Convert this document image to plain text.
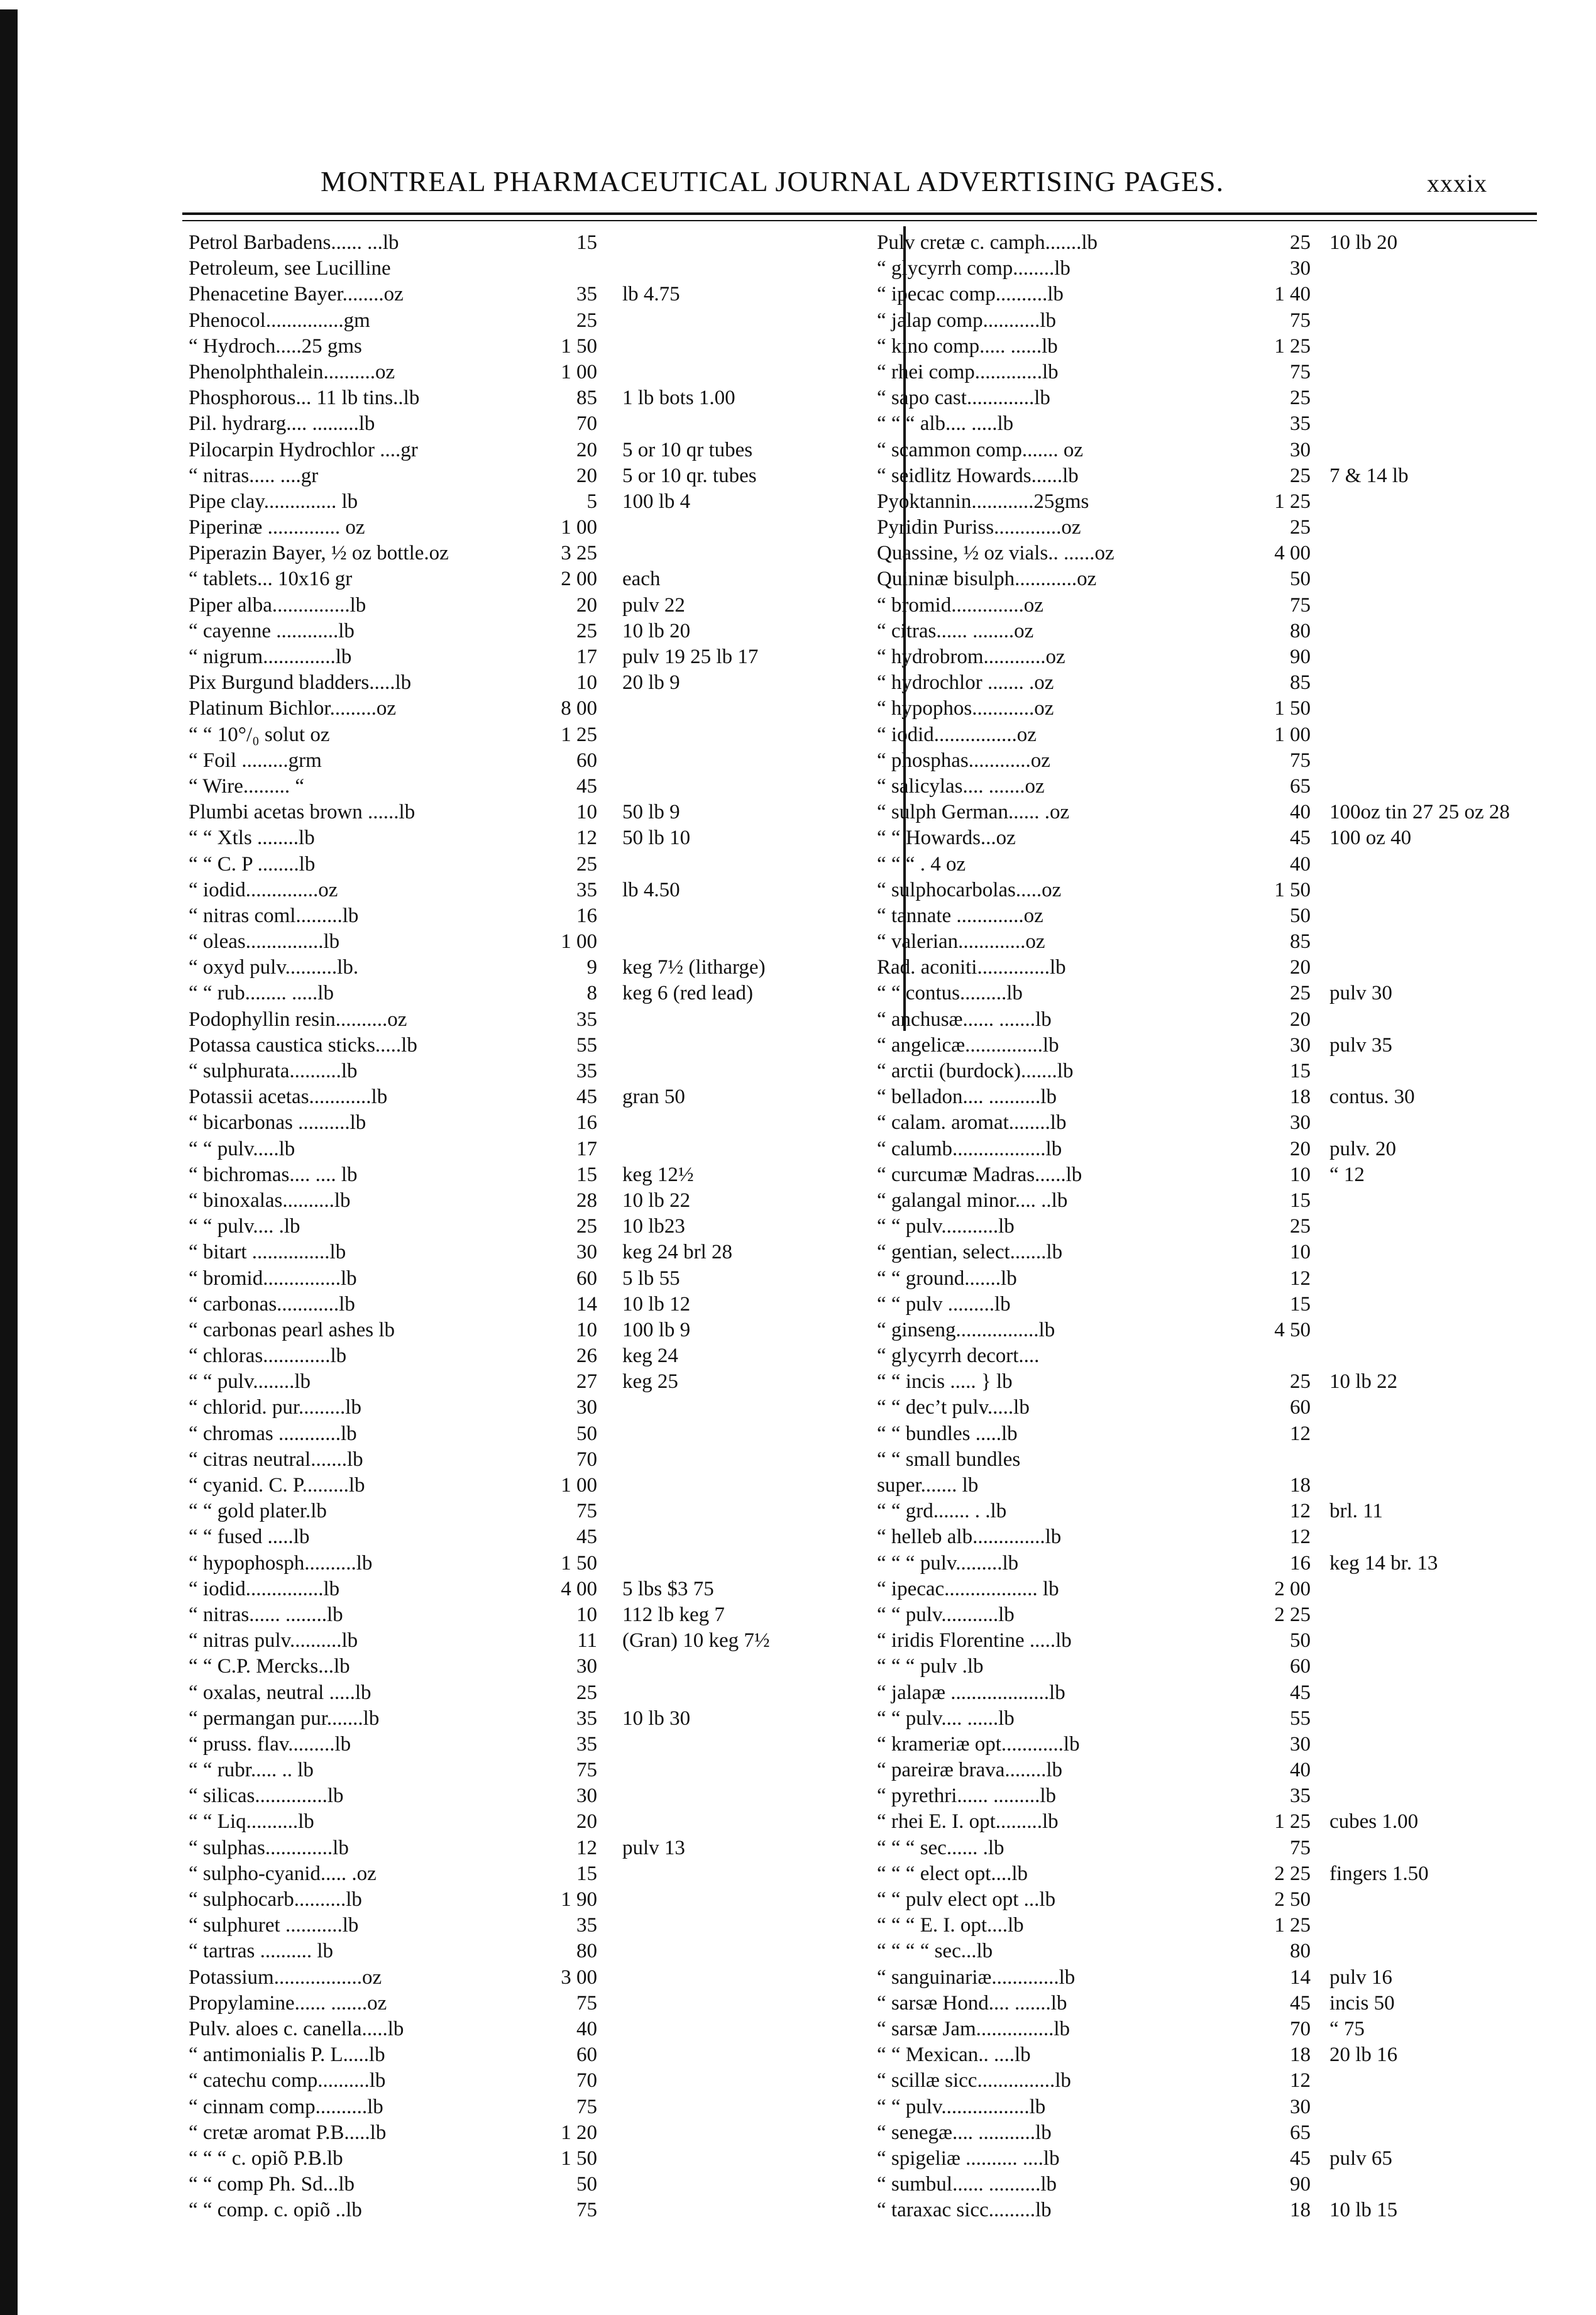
MONTREAL PHARMACEUTICAL JOURNAL ADVERTISING PAGES.	xxxix
Petrol Barbadens...... ...lb	15
Petroleum, see Lucilline
Phenacetine Bayer........oz	35 lb 4.75
Phenocol...............gm	25
“ Hydroch.....25 gms	1 50
Phenolphthalein..........oz	1 00
Phosphorous... 11 lb tins..lb	85 1 lb bots 1.00
Pil. hydrarg.... .........lb	70
Pilocarpin Hydrochlor ....gr	20 5 or 10 qr tubes
“ nitras..... ....gr	20 5 or 10 qr. tubes
Pipe clay.............. lb	5 100 lb 4
Piperinæ .............. oz	1 00
Piperazin Bayer, ½ oz bottle.oz	3 25
“ tablets... 10x16 gr	2 00 each
Piper alba...............lb	20 pulv 22
“ cayenne ............lb	25 10 lb 20
“ nigrum..............lb	17 pulv 19 25 lb 17
Pix Burgund bladders.....lb	10 20 lb 9
Platinum Bichlor.........oz	8 00
“ “ 10°/₀ solut oz	1 25
“ Foil .........grm	60
“ Wire......... “	45
Plumbi acetas brown ......lb	10 50 lb 9
“ “ Xtls ........lb	12 50 lb 10
“ “ C. P ........lb	25
“ iodid..............oz	35 lb 4.50
“ nitras coml.........lb	16
“ oleas...............lb	1 00
“ oxyd pulv..........lb.	9 keg 7½ (litharge)
“ “ rub........ .....lb	8 keg 6 (red lead)
Podophyllin resin..........oz	35
Potassa caustica sticks.....lb	55
“ sulphurata..........lb	35
Potassii acetas............lb	45 gran 50
“ bicarbonas ..........lb	16
“ “ pulv.....lb	17
“ bichromas.... .... lb	15 keg 12½
“ binoxalas..........lb	28 10 lb 22
“ “ pulv.... .lb	25 10 lb23
“ bitart ...............lb	30 keg 24 brl 28
“ bromid...............lb	60 5 lb 55
“ carbonas............lb	14 10 lb 12
“ carbonas pearl ashes lb	10 100 lb 9
“ chloras.............lb	26 keg 24
“ “ pulv........lb	27 keg 25
“ chlorid. pur.........lb	30
“ chromas ............lb	50
“ citras neutral.......lb	70
“ cyanid. C. P.........lb	1 00
“ “ gold plater.lb	75
“ “ fused .....lb	45
“ hypophosph..........lb	1 50
“ iodid...............lb	4 00 5 lbs $3 75
“ nitras...... ........lb	10 112 lb keg 7
“ nitras pulv..........lb	11 (Gran) 10 keg 7½
“ “ C.P. Mercks...lb	30
“ oxalas, neutral .....lb	25
“ permangan pur.......lb	35 10 lb 30
“ pruss. flav.........lb	35
“ “ rubr..... .. lb	75
“ silicas..............lb	30
“ “ Liq..........lb	20
“ sulphas.............lb	12 pulv 13
“ sulpho-cyanid..... .oz	15
“ sulphocarb..........lb	1 90
“ sulphuret ...........lb	35
“ tartras .......... lb	80
Potassium.................oz	3 00
Propylamine...... .......oz	75
Pulv. aloes c. canella.....lb	40
“ antimonialis P. L.....lb	60
“ catechu comp..........lb	70
“ cinnam comp..........lb	75
“ cretæ aromat P.B.....lb	1 20
“ “ “ c. opiõ P.B.lb	1 50
“ “ comp Ph. Sd...lb	50
“ “ comp. c. opiõ ..lb	75
Pulv cretæ c. camph.......lb	25 10 lb 20
“ glycyrrh comp........lb	30
“ ipecac comp..........lb	1 40
“ jalap comp...........lb	75
“ kino comp..... ......lb	1 25
“ rhei comp.............lb	75
“ sapo cast.............lb	25
“ “ “ alb.... .....lb	35
“ scammon comp....... oz	30
“ seidlitz Howards......lb	25 7 & 14 lb
Pyoktannin............25gms	1 25
Pyridin Puriss.............oz	25
Quassine, ½ oz vials.. ......oz	4 00
Quininæ bisulph............oz	50
“ bromid..............oz	75
“ citras...... ........oz	80
“ hydrobrom............oz	90
“ hydrochlor ....... .oz	85
“ hypophos............oz	1 50
“ iodid................oz	1 00
“ phosphas............oz	75
“ salicylas.... .......oz	65
“ sulph German...... .oz	40 100oz tin 27 25 oz 28
“ “ Howards...oz	45 100 oz 40
“ “ “ . 4 oz	40
“ sulphocarbolas.....oz	1 50
“ tannate .............oz	50
“ valerian.............oz	85
Rad. aconiti..............lb	20
“ “ contus.........lb	25 pulv 30
“ anchusæ...... .......lb	20
“ angelicæ...............lb	30 pulv 35
“ arctii (burdock).......lb	15
“ belladon.... ..........lb	18 contus. 30
“ calam. aromat........lb	30
“ calumb..................lb	20 pulv. 20
“ curcumæ Madras......lb	10 “ 12
“ galangal minor.... ..lb	15
“ “ pulv...........lb	25
“ gentian, select.......lb	10
“ “ ground.......lb	12
“ “ pulv .........lb	15
“ ginseng................lb	4 50
“ glycyrrh decort....
“ “ incis ..... } lb	25 10 lb 22
“ “ dec’t pulv.....lb	60
“ “ bundles .....lb	12
“ “ small bundles
super....... lb	18
“ “ grd....... . .lb	12 brl. 11
“ helleb alb..............lb	12
“ “ “ pulv.........lb	16 keg 14 br. 13
“ ipecac.................. lb	2 00
“ “ pulv...........lb	2 25
“ iridis Florentine .....lb	50
“ “ “ pulv .lb	60
“ jalapæ ...................lb	45
“ “ pulv.... ......lb	55
“ krameriæ opt............lb	30
“ pareiræ brava........lb	40
“ pyrethri...... .........lb	35
“ rhei E. I. opt.........lb	1 25 cubes 1.00
“ “ “ sec...... .lb	75
“ “ “ elect opt....lb	2 25 fingers 1.50
“ “ pulv elect opt ...lb	2 50
“ “ “ E. I. opt....lb	1 25
“ “ “ “ sec...lb	80
“ sanguinariæ.............lb	14 pulv 16
“ sarsæ Hond.... .......lb	45 incis 50
“ sarsæ Jam...............lb	70 “ 75
“ “ Mexican.. ....lb	18 20 lb 16
“ scillæ sicc...............lb	12
“ “ pulv.................lb	30
“ senegæ.... ...........lb	65
“ spigeliæ .......... ....lb	45 pulv 65
“ sumbul...... ..........lb	90
“ taraxac sicc.........lb	18 10 lb 15
